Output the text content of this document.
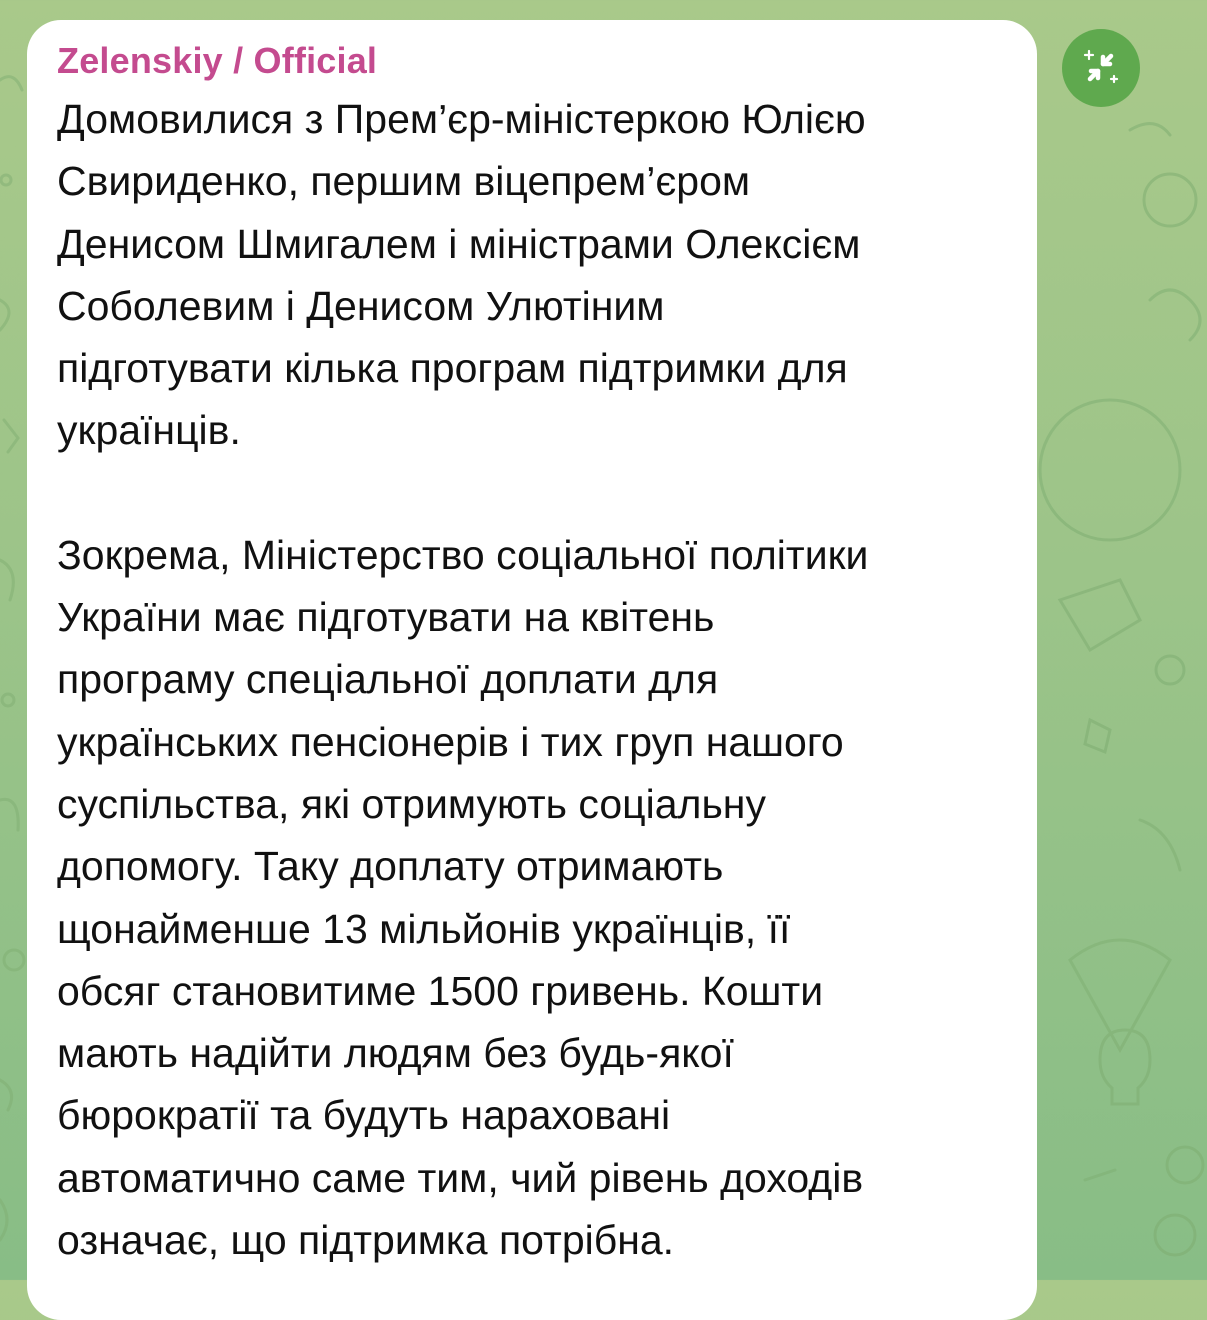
Zelenskiy / Official
Домовилися з Прем’єр-міністеркою Юлією
Свириденко, першим віцепрем’єром
Денисом Шмигалем і міністрами Олексієм
Соболевим і Денисом Улютіним
підготувати кілька програм підтримки для
українців.
Зокрема, Міністерство соціальної політики
України має підготувати на квітень
програму спеціальної доплати для
українських пенсіонерів і тих груп нашого
суспільства, які отримують соціальну
допомогу. Таку доплату отримають
щонайменше 13 мільйонів українців, її
обсяг становитиме 1500 гривень. Кошти
мають надійти людям без будь-якої
бюрократії та будуть нараховані
автоматично саме тим, чий рівень доходів
означає, що підтримка потрібна.
